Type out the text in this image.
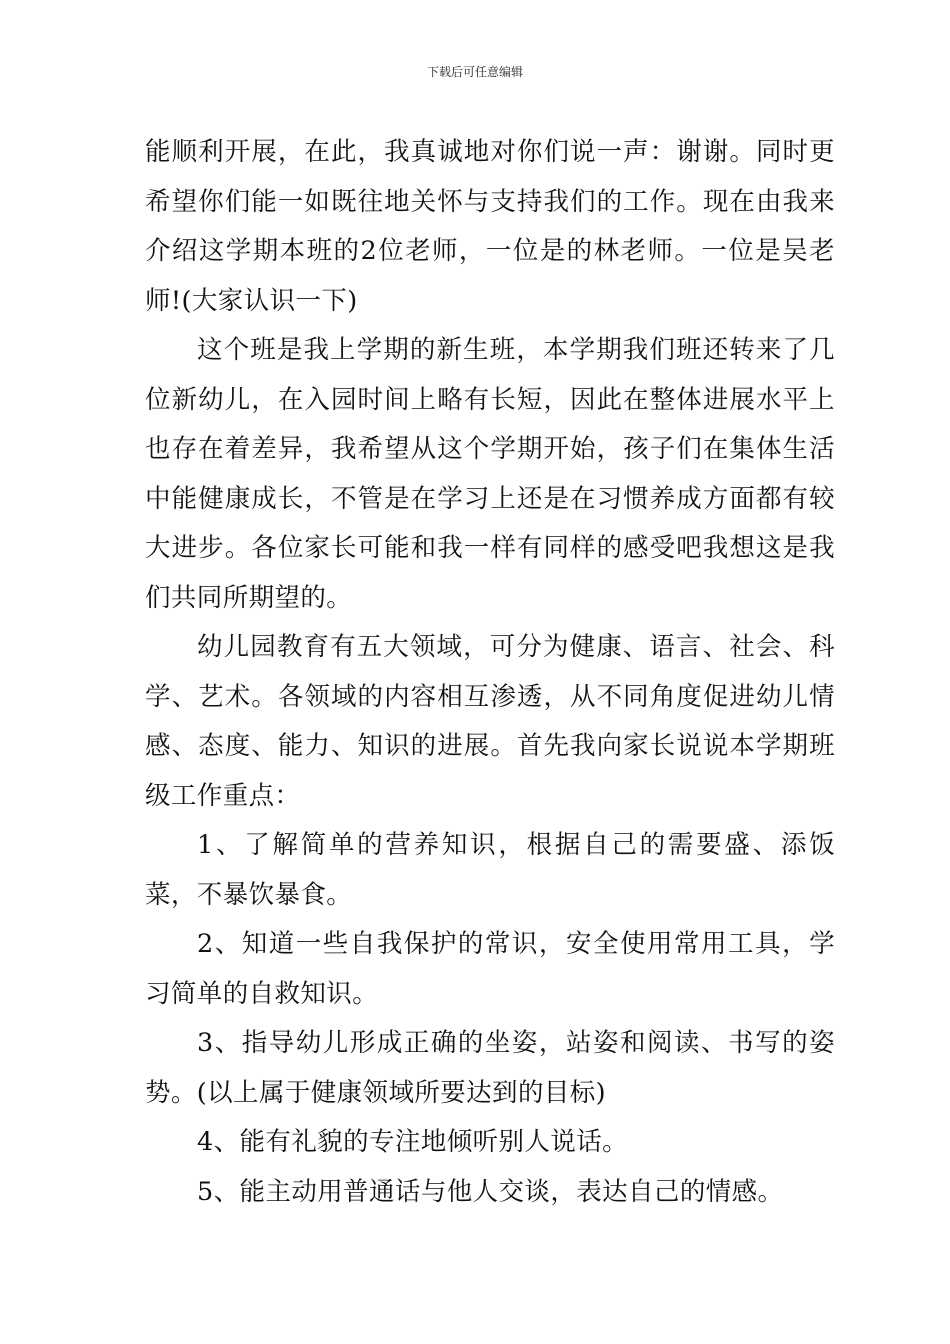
下载后可任意编辑

能顺利开展，在此，我真诚地对你们说一声：谢谢。同时更希望你们能一如既往地关怀与支持我们的工作。现在由我来介绍这学期本班的2位老师，一位是的林老师。一位是吴老师!(大家认识一下)

这个班是我上学期的新生班，本学期我们班还转来了几位新幼儿，在入园时间上略有长短，因此在整体进展水平上也存在着差异，我希望从这个学期开始，孩子们在集体生活中能健康成长，不管是在学习上还是在习惯养成方面都有较大进步。各位家长可能和我一样有同样的感受吧我想这是我们共同所期望的。

幼儿园教育有五大领域，可分为健康、语言、社会、科学、艺术。各领域的内容相互渗透，从不同角度促进幼儿情感、态度、能力、知识的进展。首先我向家长说说本学期班级工作重点：

1、了解简单的营养知识，根据自己的需要盛、添饭菜，不暴饮暴食。

2、知道一些自我保护的常识，安全使用常用工具，学习简单的自救知识。

3、指导幼儿形成正确的坐姿，站姿和阅读、书写的姿势。(以上属于健康领域所要达到的目标)

4、能有礼貌的专注地倾听别人说话。

5、能主动用普通话与他人交谈，表达自己的情感。
